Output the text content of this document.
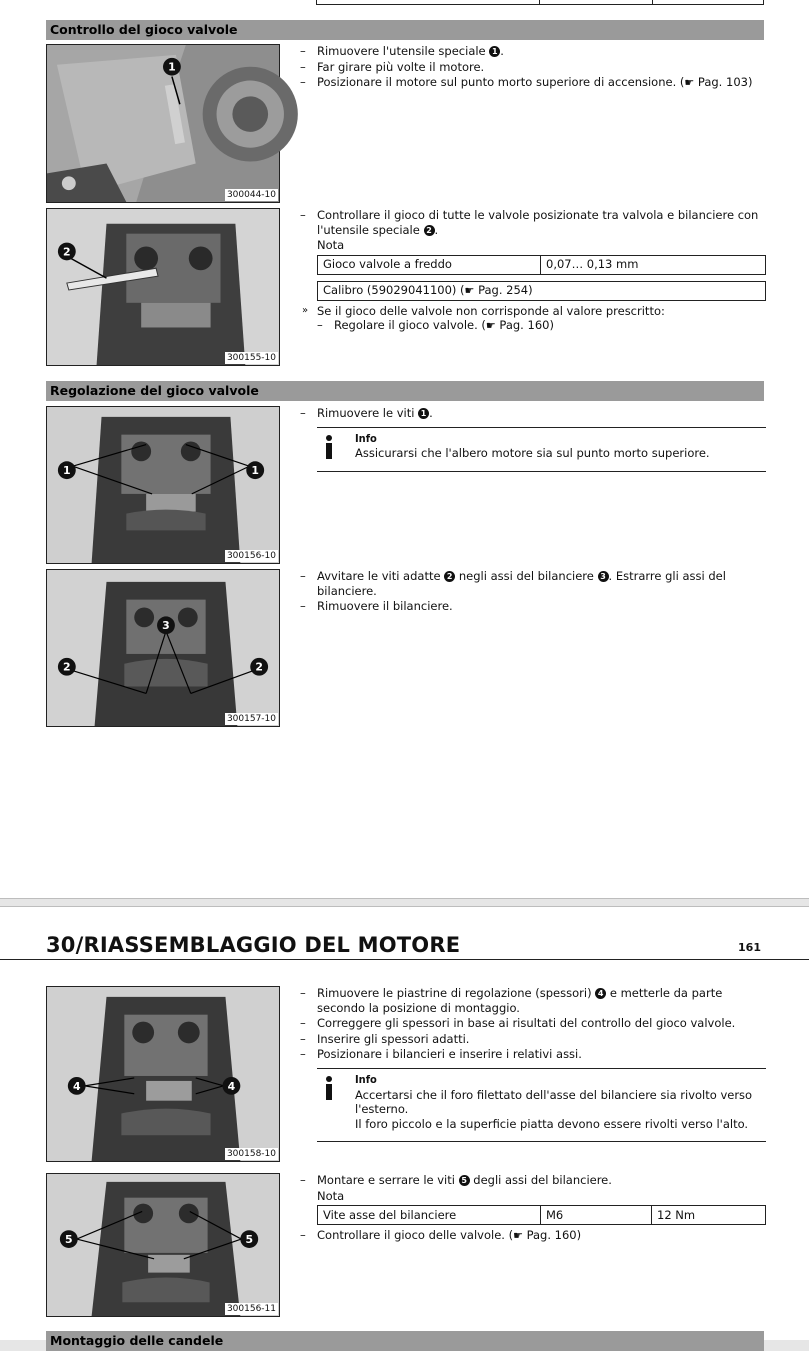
Controllo del gioco valvole
1
300044-10
– Rimuovere l'utensile speciale 1 .
– Far girare più volte il motore.
– Posizionare il motore sul punto morto superiore di accensione. (☛ Pag. 103)
2
300155-10
– Controllare il gioco di tutte le valvole posizionate tra valvola e bilanciere con l'utensile speciale 2 .
Nota
Gioco valvole a freddo	0,07… 0,13 mm
Calibro (59029041100) (☛ Pag. 254)
» Se il gioco delle valvole non corrisponde al valore prescritto:
– Regolare il gioco valvole. (☛ Pag. 160)
Regolazione del gioco valvole
1	1
300156-10
– Rimuovere le viti 1 .
Info
Assicurarsi che l'albero motore sia sul punto morto superiore.
3
2	2
300157-10
– Avvitare le viti adatte 2 negli assi del bilanciere 3 . Estrarre gli assi del bilanciere.
– Rimuovere il bilanciere.
30/RIASSEMBLAGGIO DEL MOTORE	161
4	4
300158-10
– Rimuovere le piastrine di regolazione (spessori) 4 e metterle da parte secondo la posizione di montaggio.
– Correggere gli spessori in base ai risultati del controllo del gioco valvole.
– Inserire gli spessori adatti.
– Posizionare i bilancieri e inserire i relativi assi.
Info
Accertarsi che il foro filettato dell'asse del bilanciere sia rivolto verso l'esterno.
Il foro piccolo e la superficie piatta devono essere rivolti verso l'alto.
5	5
300156-11
– Montare e serrare le viti 5 degli assi del bilanciere.
Nota
Vite asse del bilanciere	M6	12 Nm
– Controllare il gioco delle valvole. (☛ Pag. 160)
Montaggio delle candele
